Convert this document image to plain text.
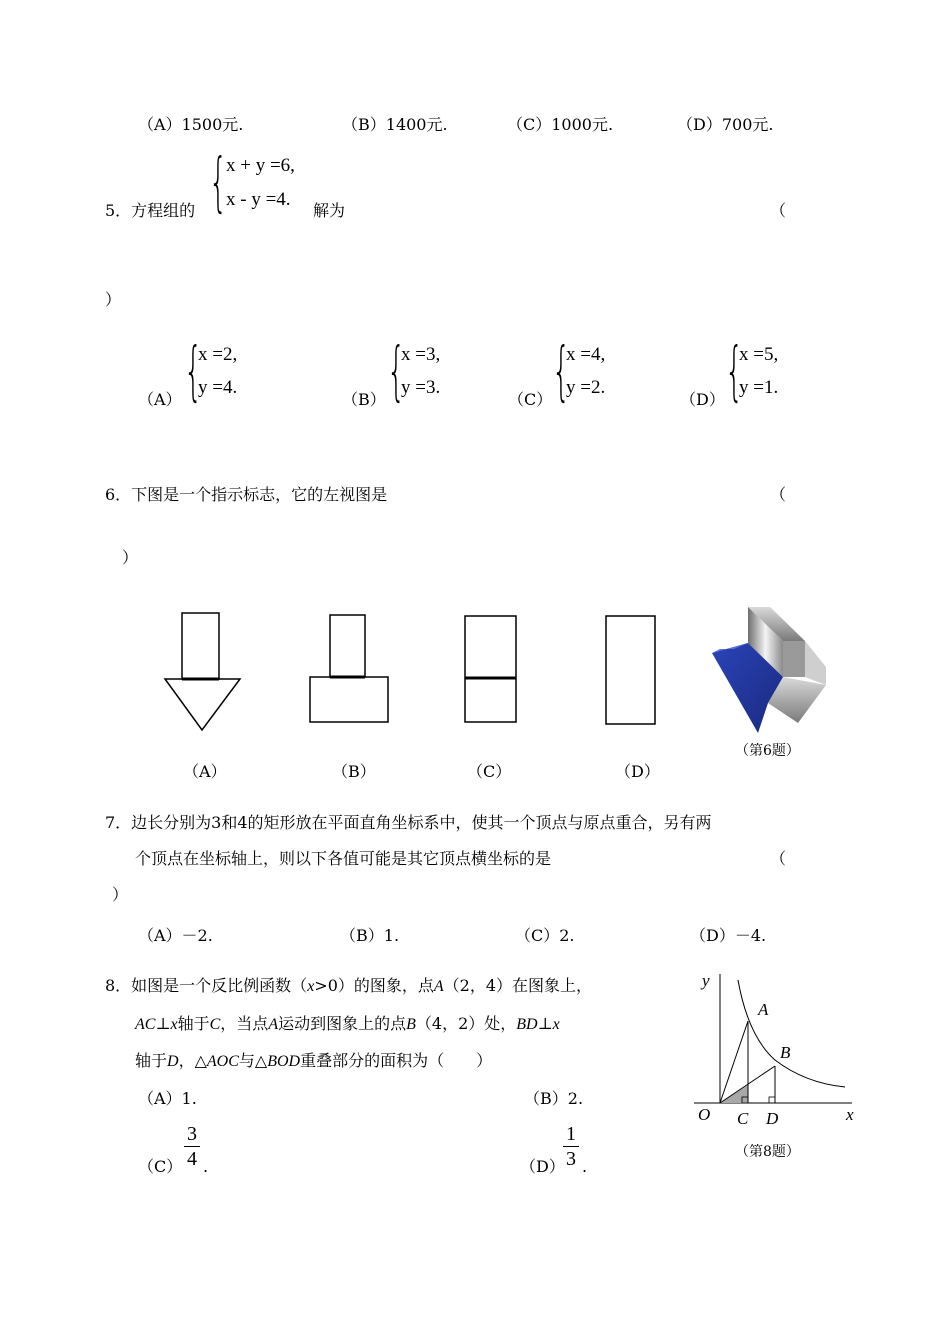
（A）1500元.	（B）1400元.	（C）1000元.	（D）700元.
5．方程组的 {
x + y =6,
x - y =4.
解为	（
）
（A） {
x =2,
y =4.
（B） {
x =3,
y =3.
（C） {
x =4,
y =2.
（D） {
x =5,
y =1.
6．下图是一个指示标志，它的左视图是	（
）
（第6题）
（A）	（B）	（C）	（D）
7．边长分别为3和4的矩形放在平面直角坐标系中，使其一个顶点与原点重合，另有两
个顶点在坐标轴上，则以下各值可能是其它顶点横坐标的是	（
）
（A）－2.	（B）1.	（C）2.	（D）－4.
8．如图是一个反比例函数（x>0）的图象，点A（2，4）在图象上，
AC⊥x轴于C，当点A运动到图象上的点B（4，2）处，BD⊥x
轴于D，△AOC与△BOD重叠部分的面积为（　　）
（A）1.	（B）2.
（C）
3
4 .	（D）
1
3 .
y
A
B
O C D	x
（第8题）
